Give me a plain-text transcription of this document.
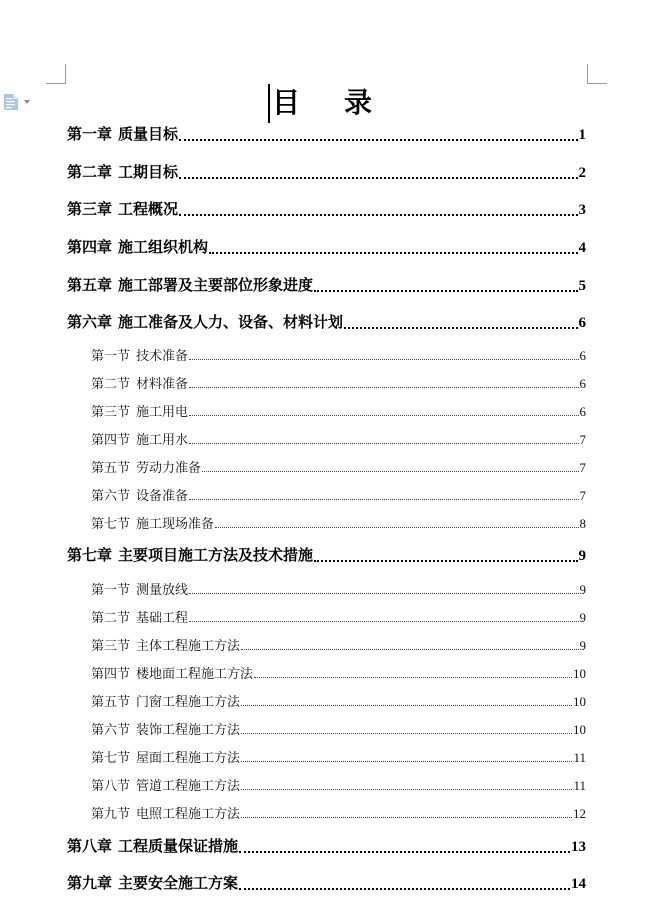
目录
第一章 质量目标	1
第二章 工期目标	2
第三章 工程概况	3
第四章 施工组织机构	4
第五章 施工部署及主要部位形象进度	5
第六章 施工准备及人力、设备、材料计划	6
第一节 技术准备	6
第二节 材料准备	6
第三节 施工用电	6
第四节 施工用水	7
第五节 劳动力准备	7
第六节 设备准备	7
第七节 施工现场准备	8
第七章 主要项目施工方法及技术措施	9
第一节 测量放线	9
第二节 基础工程	9
第三节 主体工程施工方法	9
第四节 楼地面工程施工方法	10
第五节 门窗工程施工方法	10
第六节 装饰工程施工方法	10
第七节 屋面工程施工方法	11
第八节 管道工程施工方法	11
第九节 电照工程施工方法	12
第八章 工程质量保证措施	13
第九章 主要安全施工方案	14
